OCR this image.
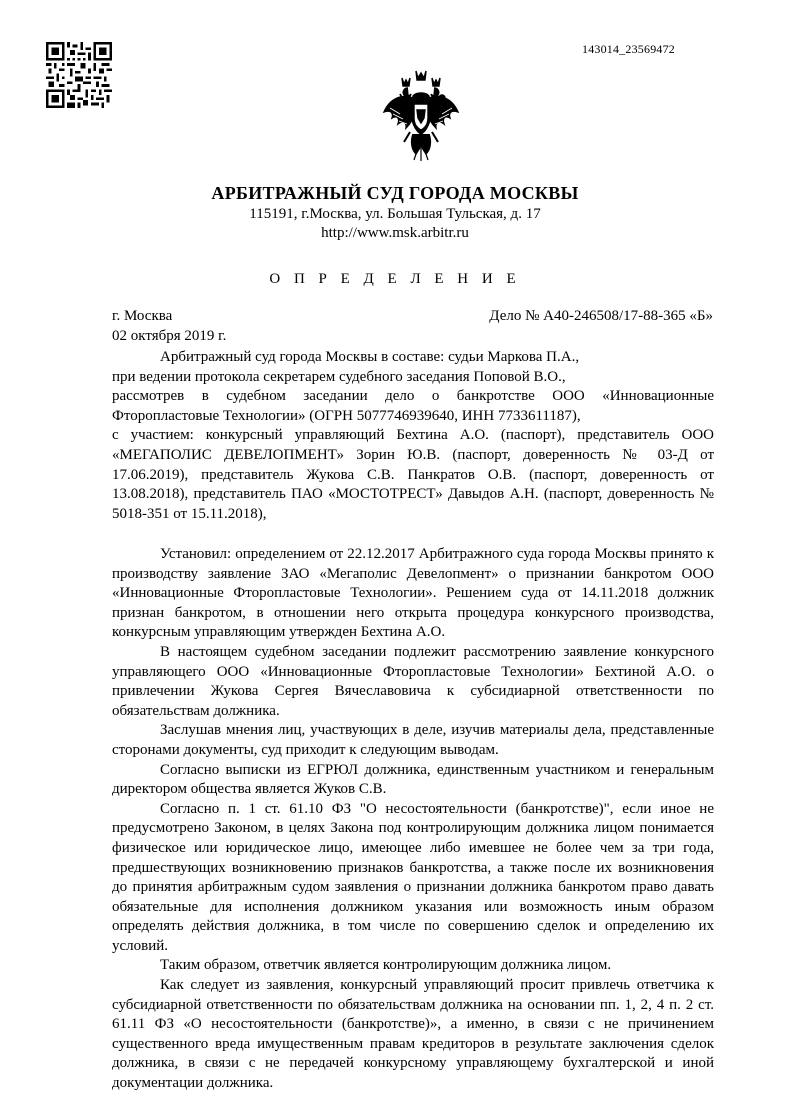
143014_23569472
АРБИТРАЖНЫЙ СУД ГОРОДА МОСКВЫ
115191, г.Москва, ул. Большая Тульская, д. 17
http://www.msk.arbitr.ru
О П Р Е Д Е Л Е Н И Е
г. Москва
02 октября 2019 г.
Дело № А40-246508/17-88-365 «Б»

Арбитражный суд города Москвы в составе: судьи Маркова П.А.,

при ведении протокола секретарем судебного заседания Поповой В.О.,

рассмотрев в судебном заседании дело о банкротстве ООО «Инновационные Фторопластовые Технологии» (ОГРН 5077746939640, ИНН 7733611187),

с участием: конкурсный управляющий Бехтина А.О. (паспорт), представитель ООО «МЕГАПОЛИС ДЕВЕЛОПМЕНТ» Зорин Ю.В. (паспорт, доверенность № 03-Д от 17.06.2019), представитель Жукова С.В. Панкратов О.В. (паспорт, доверенность от 13.08.2018), представитель ПАО «МОСТОТРЕСТ» Давыдов А.Н. (паспорт, доверенность № 5018-351 от 15.11.2018),

Установил: определением от 22.12.2017 Арбитражного суда города Москвы принято к производству заявление ЗАО «Мегаполис Девелопмент» о признании банкротом ООО «Инновационные Фторопластовые Технологии». Решением суда от 14.11.2018 должник признан банкротом, в отношении него открыта процедура конкурсного производства, конкурсным управляющим утвержден Бехтина А.О.

В настоящем судебном заседании подлежит рассмотрению заявление конкурсного управляющего ООО «Инновационные Фторопластовые Технологии» Бехтиной А.О. о привлечении Жукова Сергея Вячеславовича к субсидиарной ответственности по обязательствам должника.

Заслушав мнения лиц, участвующих в деле, изучив материалы дела, представленные сторонами документы, суд приходит к следующим выводам.

Согласно выписки из ЕГРЮЛ должника, единственным участником и генеральным директором общества является Жуков С.В.

Согласно п. 1 ст. 61.10 ФЗ "О несостоятельности (банкротстве)", если иное не предусмотрено Законом, в целях Закона под контролирующим должника лицом понимается физическое или юридическое лицо, имеющее либо имевшее не более чем за три года, предшествующих возникновению признаков банкротства, а также после их возникновения до принятия арбитражным судом заявления о признании должника банкротом право давать обязательные для исполнения должником указания или возможность иным образом определять действия должника, в том числе по совершению сделок и определению их условий.

Таким образом, ответчик является контролирующим должника лицом.

Как следует из заявления, конкурсный управляющий просит привлечь ответчика к субсидиарной ответственности по обязательствам должника на основании пп. 1, 2, 4 п. 2 ст. 61.11 ФЗ «О несостоятельности (банкротстве)», а именно, в связи с не причинением существенного вреда имущественным правам кредиторов в результате заключения сделок должника, в связи с не передачей конкурсному управляющему бухгалтерской и иной документации должника.
